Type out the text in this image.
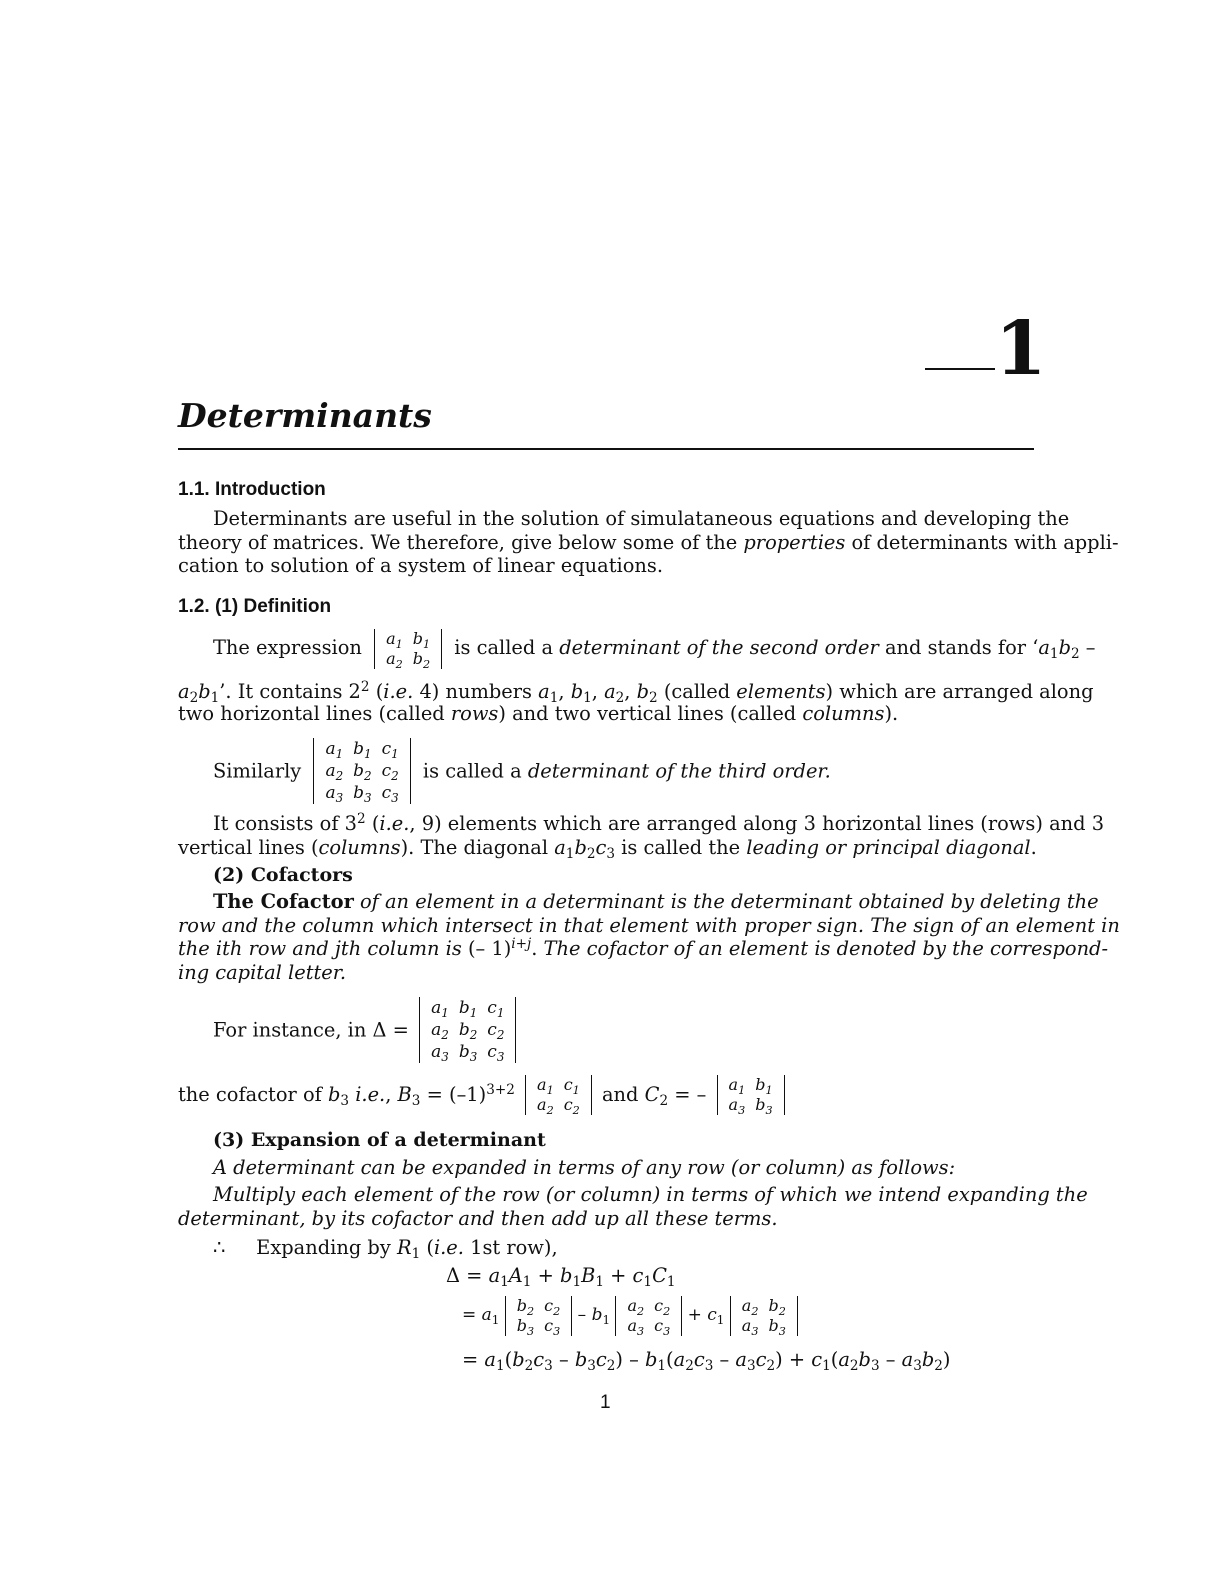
1
Determinants
1.1. Introduction
Determinants are useful in the solution of simulataneous equations and developing the
theory of matrices. We therefore, give below some of the properties of determinants with appli-
cation to solution of a system of linear equations.
1.2. (1) Definition
The expression $a_1$	$b_1$
$a_2$	$b_2$
is called a determinant of the second order and stands for ‘$a_1b_2$ –
$a_2b_1$’. It contains $2^2$ (i.e. 4) numbers $a_1$, $b_1$, $a_2$, $b_2$ (called elements) which are arranged along
two horizontal lines (called rows) and two vertical lines (called columns).
Similarly
$a_1$	$b_1$	$c_1$
$a_2$	$b_2$	$c_2$
$a_3$	$b_3$	$c_3$
is called a determinant of the third order.
It consists of $3^2$ (i.e., 9) elements which are arranged along 3 horizontal lines (rows) and 3
vertical lines (columns). The diagonal $a_1b_2c_3$ is called the leading or principal diagonal.
(2) Cofactors
The Cofactor of an element in a determinant is the determinant obtained by deleting the
row and the column which intersect in that element with proper sign. The sign of an element in
the ith row and jth column is (– 1)$^{i+j}$. The cofactor of an element is denoted by the correspond-
ing capital letter.
For instance, in Δ =
$a_1$	$b_1$	$c_1$
$a_2$	$b_2$	$c_2$
$a_3$	$b_3$	$c_3$
the cofactor of $b_3$ i.e., $B_3 = (-1)^{3+2}$ $a_1$	$c_1$
$a_2$	$c_2$
and $C_2$ = – $a_1$	$b_1$
$a_3$	$b_3$
(3) Expansion of a determinant
A determinant can be expanded in terms of any row (or column) as follows:
Multiply each element of the row (or column) in terms of which we intend expanding the
determinant, by its cofactor and then add up all these terms.
∴ Expanding by $R_1$ (i.e. 1st row),
$\Delta = a_1A_1 + b_1B_1 + c_1C_1$
= $a_1$
$b_2$	$c_2$
$b_3$	$c_3$
– $b_1$
$a_2$	$c_2$
$a_3$	$c_3$
+ $c_1$
$a_2$	$b_2$
$a_3$	$b_3$
= $a_1(b_2c_3 - b_3c_2) - b_1(a_2c_3 - a_3c_2) + c_1(a_2b_3 - a_3b_2)$
1
